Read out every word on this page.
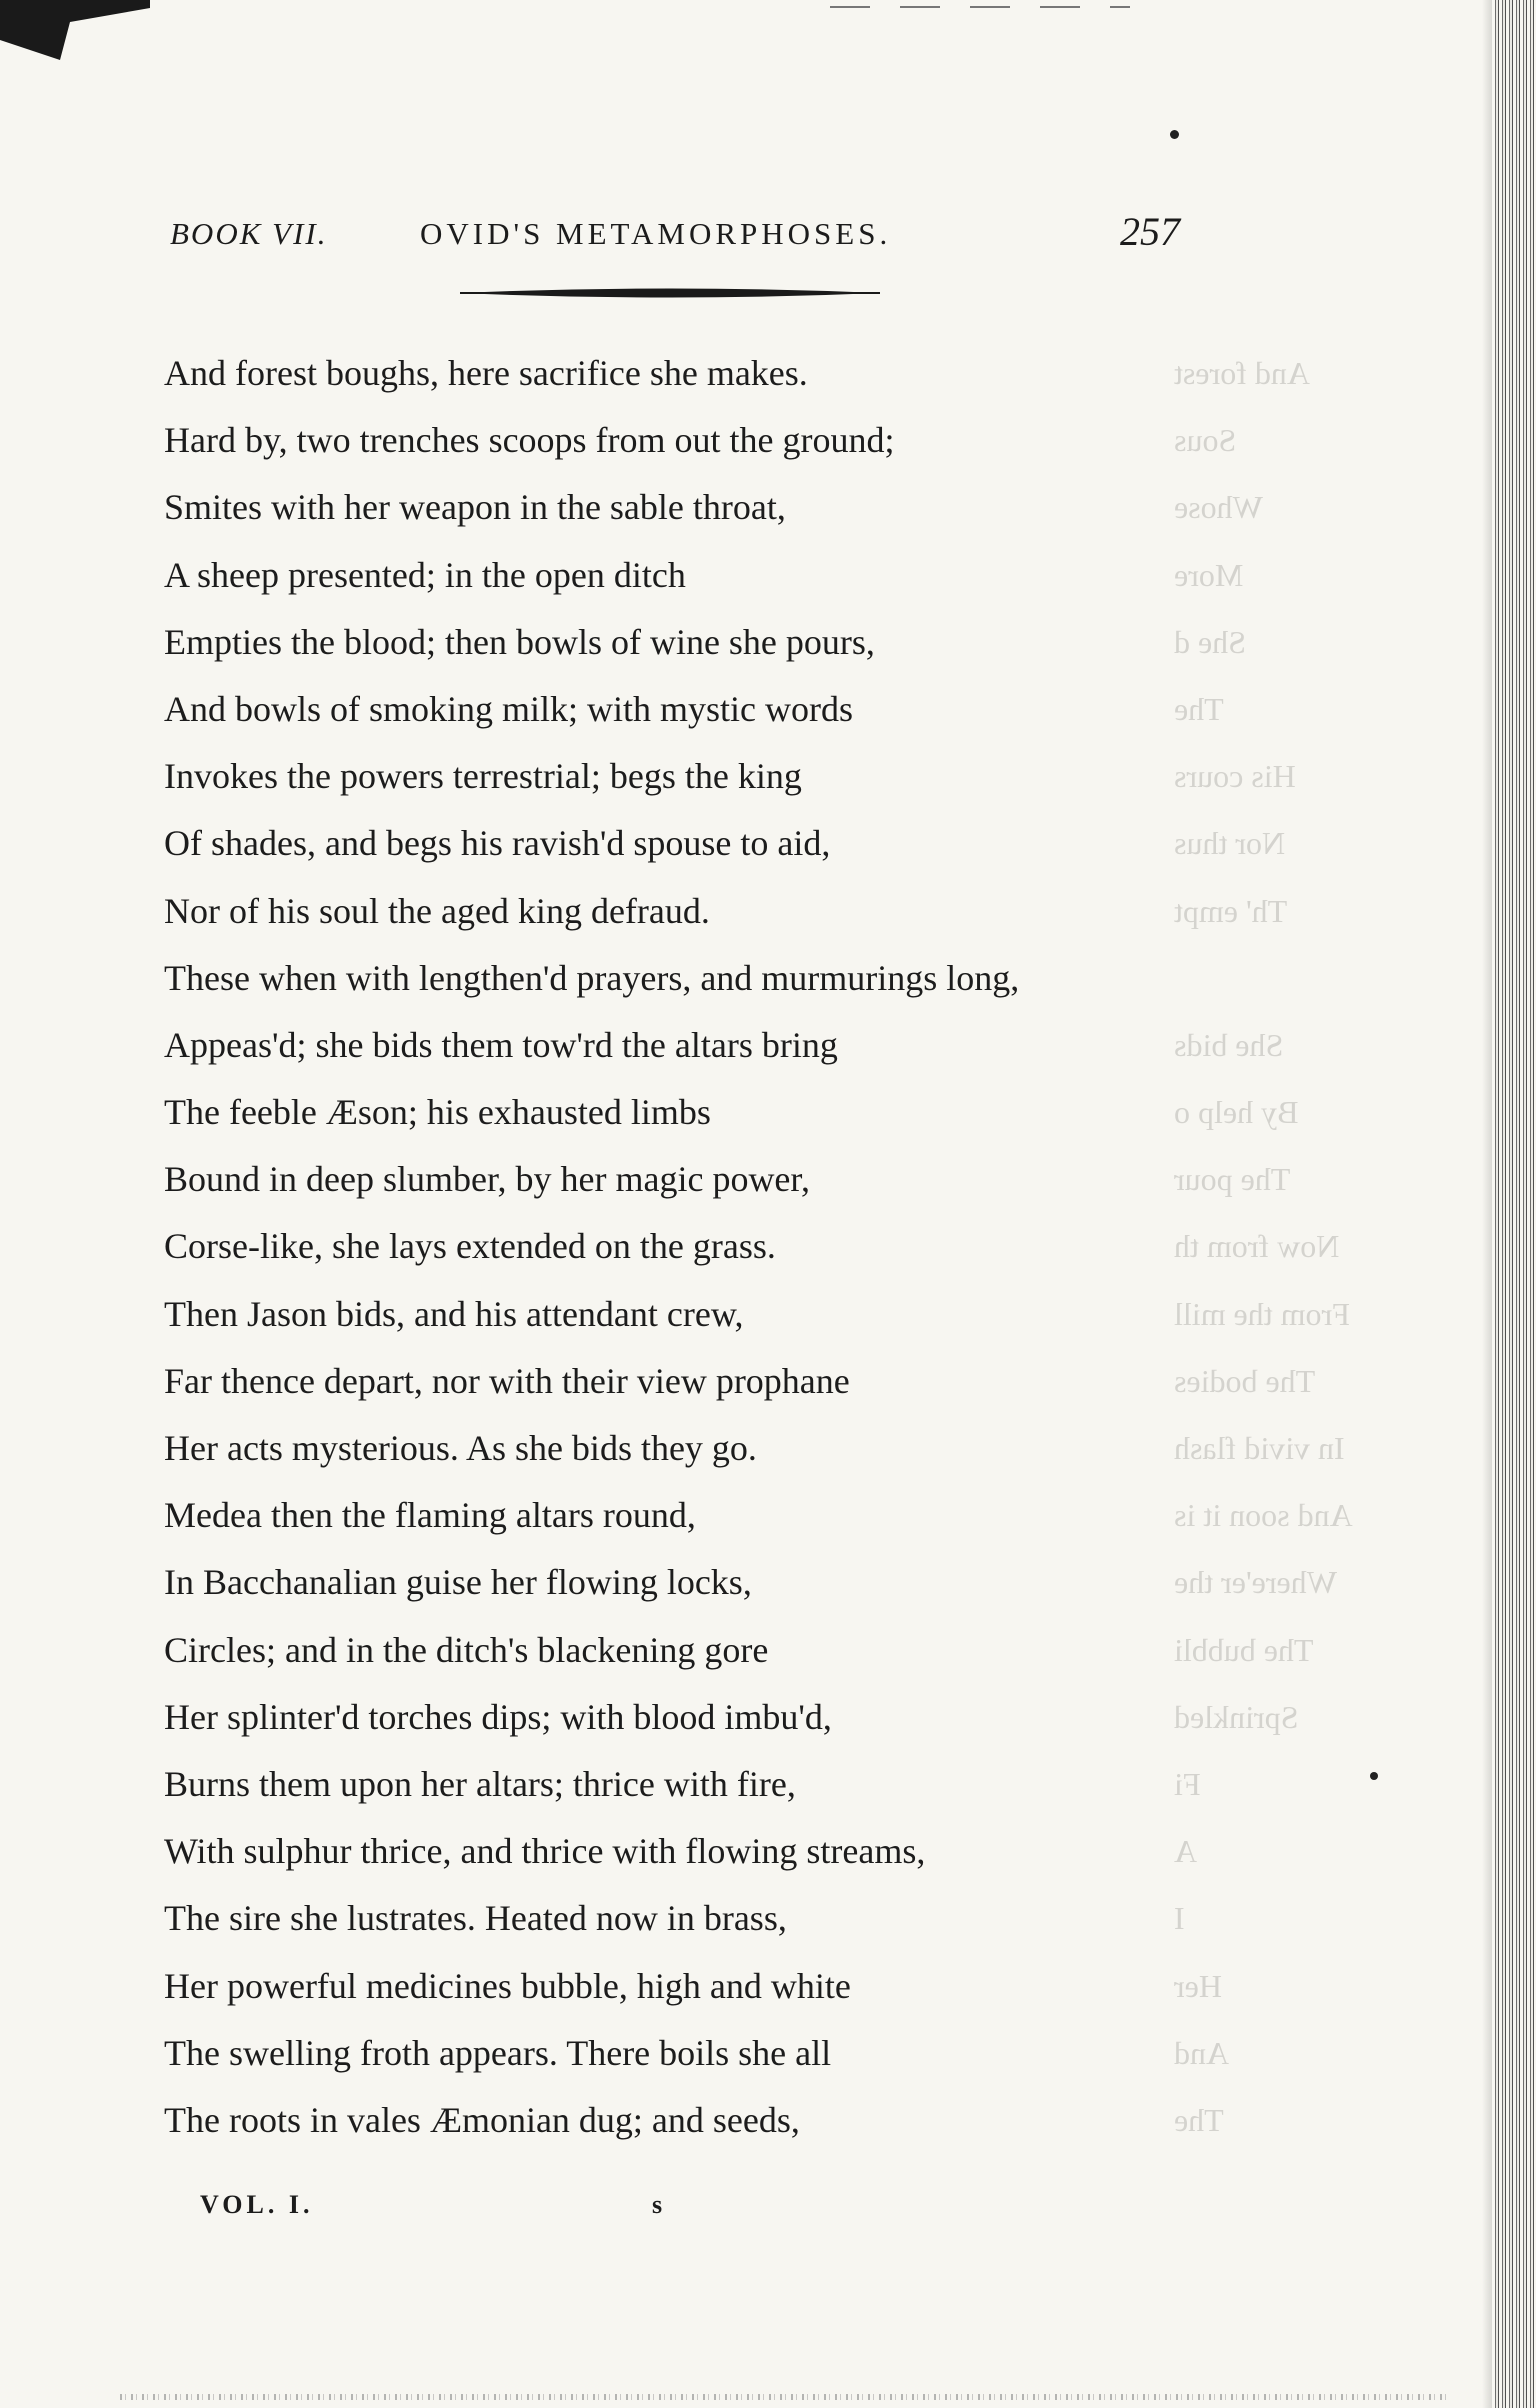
BOOK VII.	OVID'S METAMORPHOSES.	257
And forest boughs, here sacrifice she makes.	And forest
Hard by, two trenches scoops from out the ground;	Sous
Smites with her weapon in the sable throat,	Whose
A sheep presented; in the open ditch	More
Empties the blood; then bowls of wine she pours,	She d
And bowls of smoking milk; with mystic words	The
Invokes the powers terrestrial; begs the king	His cours
Of shades, and begs his ravish'd spouse to aid,	Nor thus
Nor of his soul the aged king defraud.	Th' empt
These when with lengthen'd prayers, and murmurings long,
Appeas'd; she bids them tow'rd the altars bring	She bids
The feeble Æson; his exhausted limbs	By help o
Bound in deep slumber, by her magic power,	The pour
Corse-like, she lays extended on the grass.	Now from th
Then Jason bids, and his attendant crew,	From the mill
Far thence depart, nor with their view prophane	The bodies
Her acts mysterious. As she bids they go.	In vivid flash
Medea then the flaming altars round,	And soon it is
In Bacchanalian guise her flowing locks,	Where'er the
Circles; and in the ditch's blackening gore	The bubbli
Her splinter'd torches dips; with blood imbu'd,	Sprinkled
Burns them upon her altars; thrice with fire,	Fi
With sulphur thrice, and thrice with flowing streams,	A
The sire she lustrates. Heated now in brass,	I
Her powerful medicines bubble, high and white	Her
The swelling froth appears. There boils she all	And
The roots in vales Æmonian dug; and seeds,	The
VOL. I.	s
